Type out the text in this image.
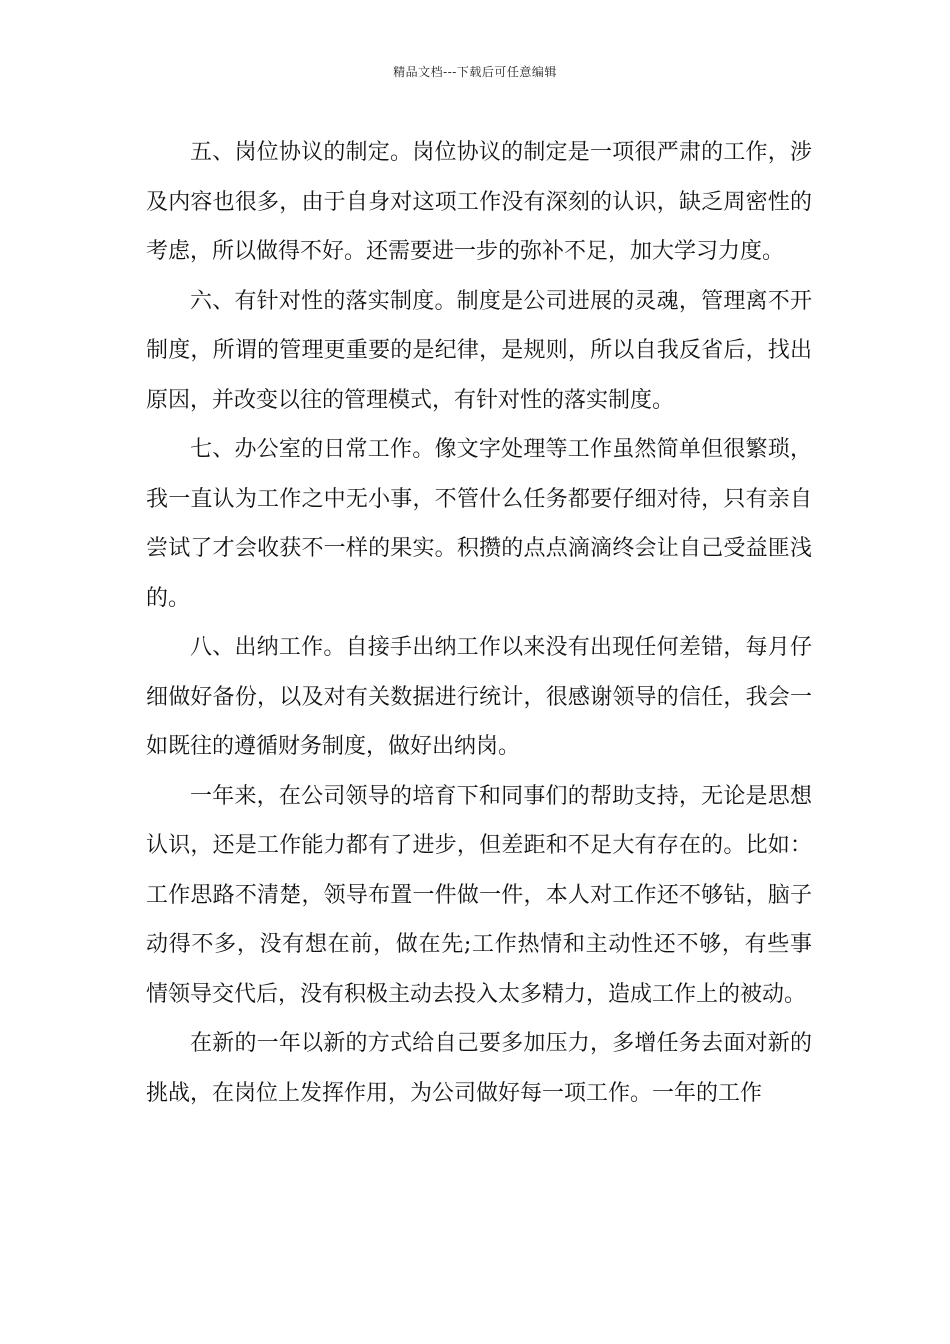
精品文档---下载后可任意编辑

五、岗位协议的制定。岗位协议的制定是一项很严肃的工作，涉及内容也很多，由于自身对这项工作没有深刻的认识，缺乏周密性的考虑，所以做得不好。还需要进一步的弥补不足，加大学习力度。

六、有针对性的落实制度。制度是公司进展的灵魂，管理离不开制度，所谓的管理更重要的是纪律，是规则，所以自我反省后，找出原因，并改变以往的管理模式，有针对性的落实制度。

七、办公室的日常工作。像文字处理等工作虽然简单但很繁琐，我一直认为工作之中无小事，不管什么任务都要仔细对待，只有亲自尝试了才会收获不一样的果实。积攒的点点滴滴终会让自己受益匪浅的。

八、出纳工作。自接手出纳工作以来没有出现任何差错，每月仔细做好备份，以及对有关数据进行统计，很感谢领导的信任，我会一如既往的遵循财务制度，做好出纳岗。

一年来，在公司领导的培育下和同事们的帮助支持，无论是思想认识，还是工作能力都有了进步，但差距和不足大有存在的。比如：工作思路不清楚，领导布置一件做一件，本人对工作还不够钻，脑子动得不多，没有想在前，做在先;工作热情和主动性还不够，有些事情领导交代后，没有积极主动去投入太多精力，造成工作上的被动。

在新的一年以新的方式给自己要多加压力，多增任务去面对新的挑战，在岗位上发挥作用，为公司做好每一项工作。一年的工作
